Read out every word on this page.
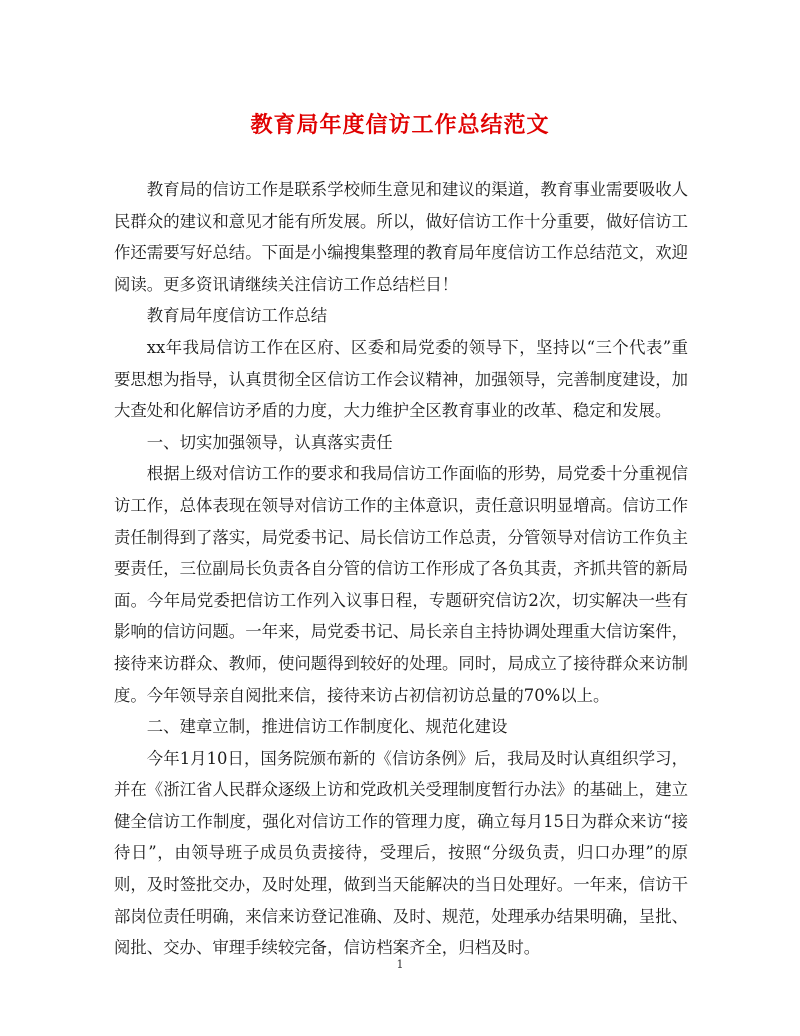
教育局年度信访工作总结范文

教育局的信访工作是联系学校师生意见和建议的渠道，教育事业需要吸收人民群众的建议和意见才能有所发展。所以，做好信访工作十分重要，做好信访工作还需要写好总结。下面是小编搜集整理的教育局年度信访工作总结范文，欢迎阅读。更多资讯请继续关注信访工作总结栏目！

教育局年度信访工作总结

xx年我局信访工作在区府、区委和局党委的领导下，坚持以“三个代表”重要思想为指导，认真贯彻全区信访工作会议精神，加强领导，完善制度建设，加大查处和化解信访矛盾的力度，大力维护全区教育事业的改革、稳定和发展。

一、切实加强领导，认真落实责任

根据上级对信访工作的要求和我局信访工作面临的形势，局党委十分重视信访工作，总体表现在领导对信访工作的主体意识，责任意识明显增高。信访工作责任制得到了落实，局党委书记、局长信访工作总责，分管领导对信访工作负主要责任，三位副局长负责各自分管的信访工作形成了各负其责，齐抓共管的新局面。今年局党委把信访工作列入议事日程，专题研究信访2次，切实解决一些有影响的信访问题。一年来，局党委书记、局长亲自主持协调处理重大信访案件，接待来访群众、教师，使问题得到较好的处理。同时，局成立了接待群众来访制度。今年领导亲自阅批来信，接待来访占初信初访总量的70%以上。

二、建章立制，推进信访工作制度化、规范化建设

今年1月10日，国务院颁布新的《信访条例》后，我局及时认真组织学习，并在《浙江省人民群众逐级上访和党政机关受理制度暂行办法》的基础上，建立健全信访工作制度，强化对信访工作的管理力度，确立每月15日为群众来访“接待日”，由领导班子成员负责接待，受理后，按照“分级负责，归口办理”的原则，及时签批交办，及时处理，做到当天能解决的当日处理好。一年来，信访干部岗位责任明确，来信来访登记准确、及时、规范，处理承办结果明确，呈批、阅批、交办、审理手续较完备，信访档案齐全，归档及时。

1
